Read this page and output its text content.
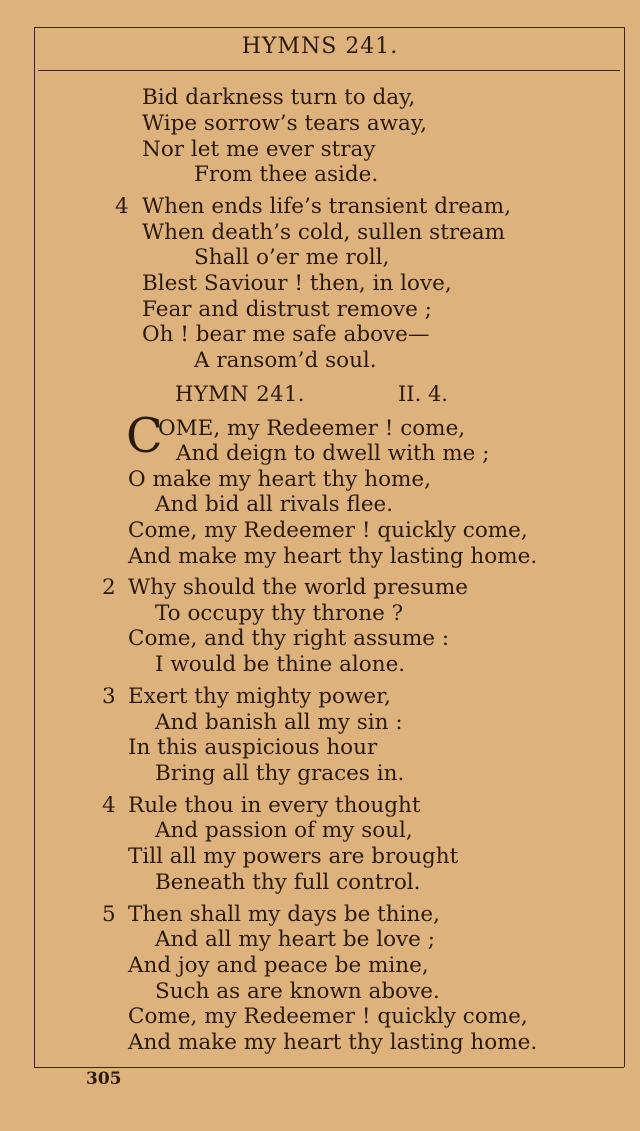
HYMNS 241.
Bid darkness turn to day,
Wipe sorrow’s tears away,
Nor let me ever stray
From thee aside.
4 When ends life’s transient dream,
When death’s cold, sullen stream
Shall o’er me roll,
Blest Saviour ! then, in love,
Fear and distrust remove ;
Oh ! bear me safe above—
A ransom’d soul.
HYMN 241.	II. 4.
C
OME, my Redeemer ! come,
And deign to dwell with me ;
O make my heart thy home,
And bid all rivals flee.
Come, my Redeemer ! quickly come,
And make my heart thy lasting home.
2 Why should the world presume
To occupy thy throne ?
Come, and thy right assume :
I would be thine alone.
3 Exert thy mighty power,
And banish all my sin :
In this auspicious hour
Bring all thy graces in.
4 Rule thou in every thought
And passion of my soul,
Till all my powers are brought
Beneath thy full control.
5 Then shall my days be thine,
And all my heart be love ;
And joy and peace be mine,
Such as are known above.
Come, my Redeemer ! quickly come,
And make my heart thy lasting home.
305
